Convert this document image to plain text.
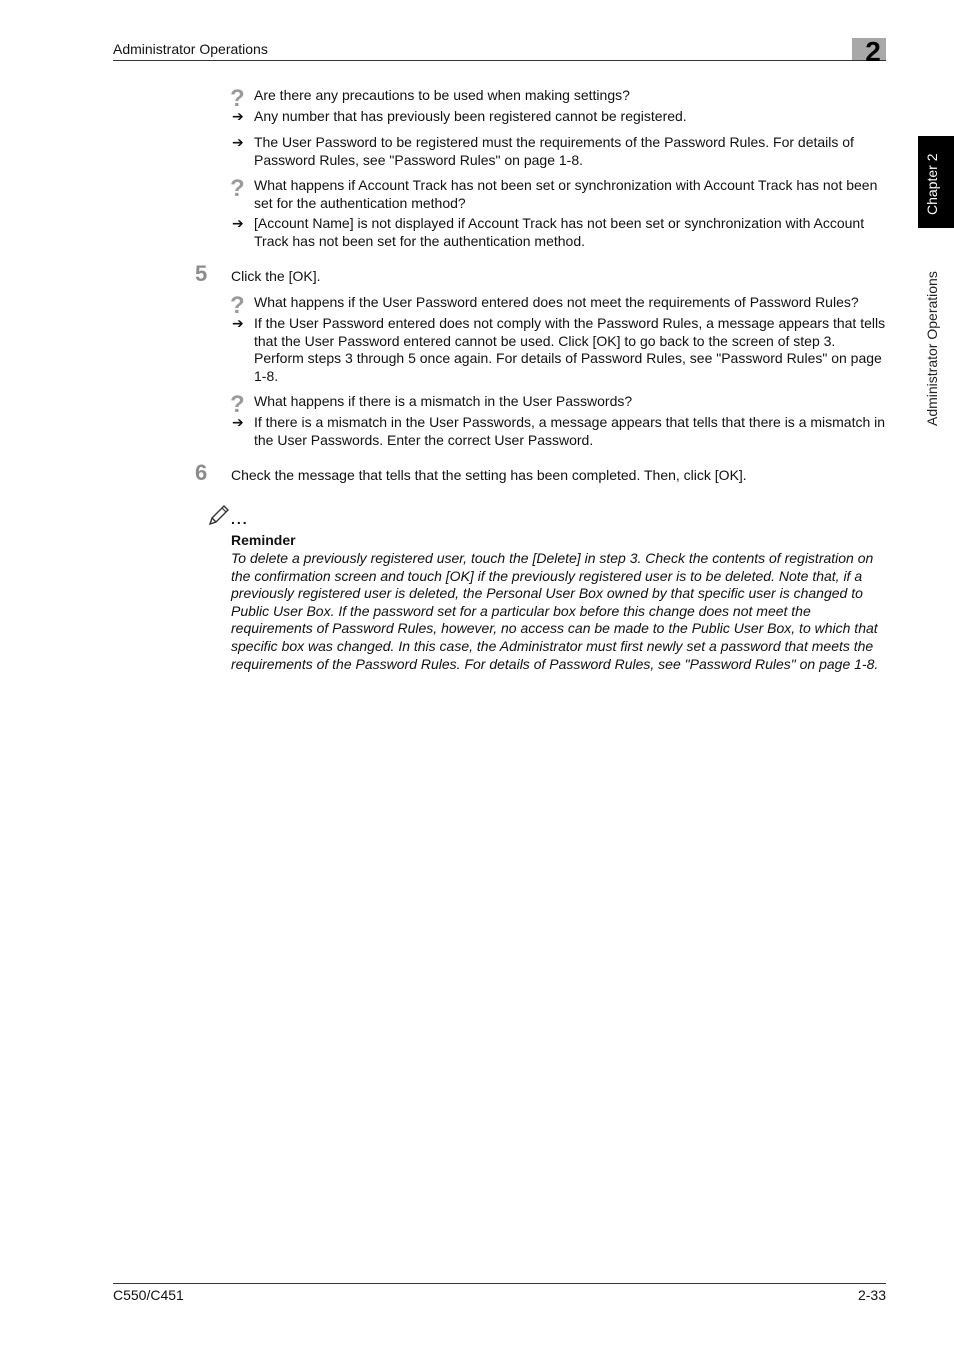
Administrator Operations	2
Chapter 2
Administrator Operations
? Are there any precautions to be used when making settings?
➔ Any number that has previously been registered cannot be registered.
➔ The User Password to be registered must the requirements of the Password Rules. For details of Password Rules, see "Password Rules" on page 1-8.
? What happens if Account Track has not been set or synchronization with Account Track has not been set for the authentication method?
➔ [Account Name] is not displayed if Account Track has not been set or synchronization with Account Track has not been set for the authentication method.
5 Click the [OK].
? What happens if the User Password entered does not meet the requirements of Password Rules?
➔ If the User Password entered does not comply with the Password Rules, a message appears that tells that the User Password entered cannot be used. Click [OK] to go back to the screen of step 3. Perform steps 3 through 5 once again. For details of Password Rules, see "Password Rules" on page 1-8.
? What happens if there is a mismatch in the User Passwords?
➔ If there is a mismatch in the User Passwords, a message appears that tells that there is a mismatch in the User Passwords. Enter the correct User Password.
6 Check the message that tells that the setting has been completed. Then, click [OK].
...
Reminder
To delete a previously registered user, touch the [Delete] in step 3. Check the contents of registration on the confirmation screen and touch [OK] if the previously registered user is to be deleted. Note that, if a previously registered user is deleted, the Personal User Box owned by that specific user is changed to Public User Box. If the password set for a particular box before this change does not meet the requirements of Password Rules, however, no access can be made to the Public User Box, to which that specific box was changed. In this case, the Administrator must first newly set a password that meets the requirements of the Password Rules. For details of Password Rules, see "Password Rules" on page 1-8.
C550/C451	2-33
